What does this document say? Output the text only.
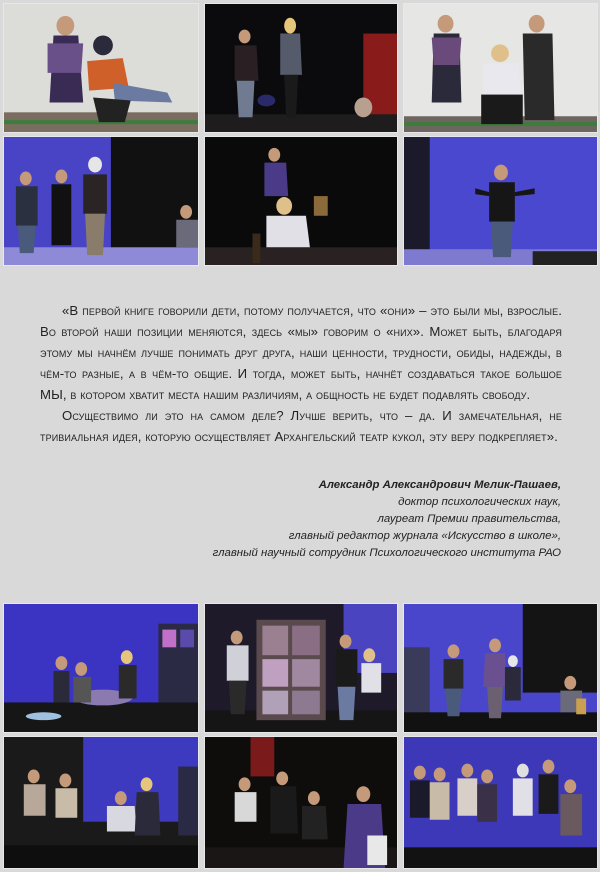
«В первой книге говорили дети, потому получается, что «они» – это были мы, взрослые. Во второй наши позиции меняются, здесь «мы» говорим о «них». Может быть, благодаря этому мы начнём лучше понимать друг друга, наши ценности, трудности, обиды, надежды, в чём-то разные, а в чём-то общие. И тогда, может быть, начнёт создаваться такое большое МЫ, в котором хватит места нашим различиям, а общность не будет подавлять свободу.

Осуществимо ли это на самом деле? Лучше верить, что – да. И замечательная, не тривиальная идея, которую осуществляет Архангельский театр кукол, эту веру подкрепляет».

Александр Александрович Мелик-Пашаев,
доктор психологических наук,
лауреат Премии правительства,
главный редактор журнала «Искусство в школе»,
главный научный сотрудник Психологического института РАО
